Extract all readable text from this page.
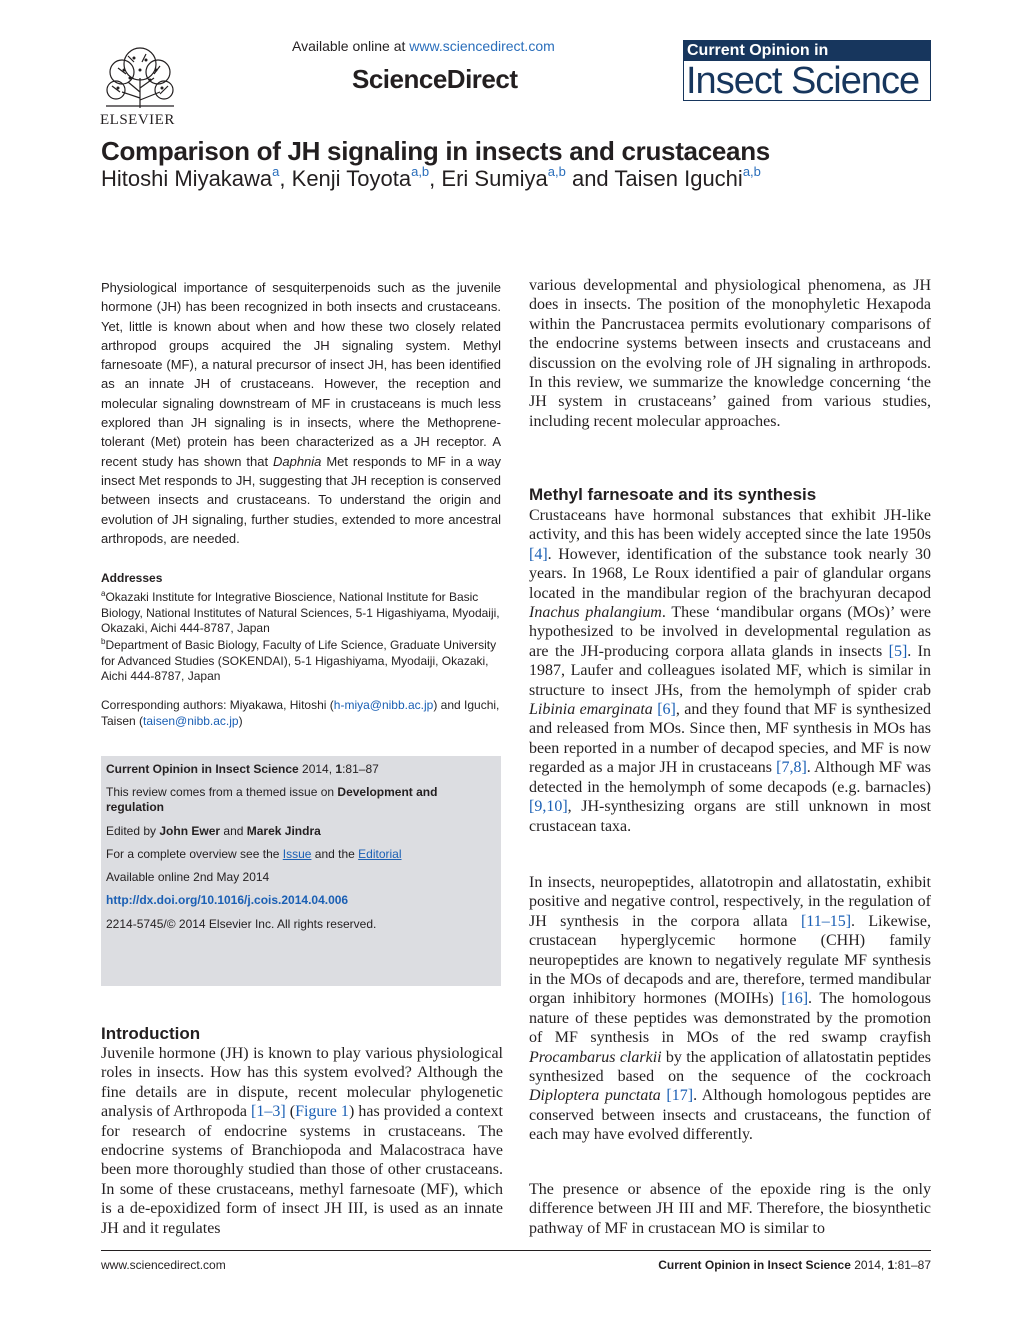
ELSEVIER
Available online at www.sciencedirect.com
ScienceDirect
Current Opinion in
Insect Science
Comparison of JH signaling in insects and crustaceans
Hitoshi Miyakawa$^a$, Kenji Toyota$^{a,b}$, Eri Sumiya$^{a,b}$ and Taisen Iguchi$^{a,b}$
Physiological importance of sesquiterpenoids such as the juvenile hormone (JH) has been recognized in both insects and crustaceans. Yet, little is known about when and how these two closely related arthropod groups acquired the JH signaling system. Methyl farnesoate (MF), a natural precursor of insect JH, has been identified as an innate JH of crustaceans. However, the reception and molecular signaling downstream of MF in crustaceans is much less explored than JH signaling is in insects, where the Methoprene-tolerant (Met) protein has been characterized as a JH receptor. A recent study has shown that Daphnia Met responds to MF in a way insect Met responds to JH, suggesting that JH reception is conserved between insects and crustaceans. To understand the origin and evolution of JH signaling, further studies, extended to more ancestral arthropods, are needed.
Addresses
$^a$Okazaki Institute for Integrative Bioscience, National Institute for Basic Biology, National Institutes of Natural Sciences, 5-1 Higashiyama, Myodaiji, Okazaki, Aichi 444-8787, Japan
$^b$Department of Basic Biology, Faculty of Life Science, Graduate University for Advanced Studies (SOKENDAI), 5-1 Higashiyama, Myodaiji, Okazaki, Aichi 444-8787, Japan
Corresponding authors: Miyakawa, Hitoshi (h-miya@nibb.ac.jp) and Iguchi, Taisen (taisen@nibb.ac.jp)
Current Opinion in Insect Science 2014, 1:81–87
This review comes from a themed issue on Development and regulation
Edited by John Ewer and Marek Jindra
For a complete overview see the Issue and the Editorial
Available online 2nd May 2014
http://dx.doi.org/10.1016/j.cois.2014.04.006
2214-5745/© 2014 Elsevier Inc. All rights reserved.
Introduction
Juvenile hormone (JH) is known to play various physiological roles in insects. How has this system evolved? Although the fine details are in dispute, recent molecular phylogenetic analysis of Arthropoda [1–3] (Figure 1) has provided a context for research of endocrine systems in crustaceans. The endocrine systems of Branchiopoda and Malacostraca have been more thoroughly studied than those of other crustaceans. In some of these crustaceans, methyl farnesoate (MF), which is a de-epoxidized form of insect JH III, is used as an innate JH and it regulates
various developmental and physiological phenomena, as JH does in insects. The position of the monophyletic Hexapoda within the Pancrustacea permits evolutionary comparisons of the endocrine systems between insects and crustaceans and discussion on the evolving role of JH signaling in arthropods. In this review, we summarize the knowledge concerning ‘the JH system in crustaceans’ gained from various studies, including recent molecular approaches.
Methyl farnesoate and its synthesis
Crustaceans have hormonal substances that exhibit JH-like activity, and this has been widely accepted since the late 1950s [4]. However, identification of the substance took nearly 30 years. In 1968, Le Roux identified a pair of glandular organs located in the mandibular region of the brachyuran decapod Inachus phalangium. These ‘mandibular organs (MOs)’ were hypothesized to be involved in developmental regulation as are the JH-producing corpora allata glands in insects [5]. In 1987, Laufer and colleagues isolated MF, which is similar in structure to insect JHs, from the hemolymph of spider crab Libinia emarginata [6], and they found that MF is synthesized and released from MOs. Since then, MF synthesis in MOs has been reported in a number of decapod species, and MF is now regarded as a major JH in crustaceans [7,8]. Although MF was detected in the hemolymph of some decapods (e.g. barnacles) [9,10], JH-synthesizing organs are still unknown in most crustacean taxa.
In insects, neuropeptides, allatotropin and allatostatin, exhibit positive and negative control, respectively, in the regulation of JH synthesis in the corpora allata [11–15]. Likewise, crustacean hyperglycemic hormone (CHH) family neuropeptides are known to negatively regulate MF synthesis in the MOs of decapods and are, therefore, termed mandibular organ inhibitory hormones (MOIHs) [16]. The homologous nature of these peptides was demonstrated by the promotion of MF synthesis in MOs of the red swamp crayfish Procambarus clarkii by the application of allatostatin peptides synthesized based on the sequence of the cockroach Diploptera punctata [17]. Although homologous peptides are conserved between insects and crustaceans, the function of each may have evolved differently.
The presence or absence of the epoxide ring is the only difference between JH III and MF. Therefore, the biosynthetic pathway of MF in crustacean MO is similar to
www.sciencedirect.com	Current Opinion in Insect Science 2014, 1:81–87
